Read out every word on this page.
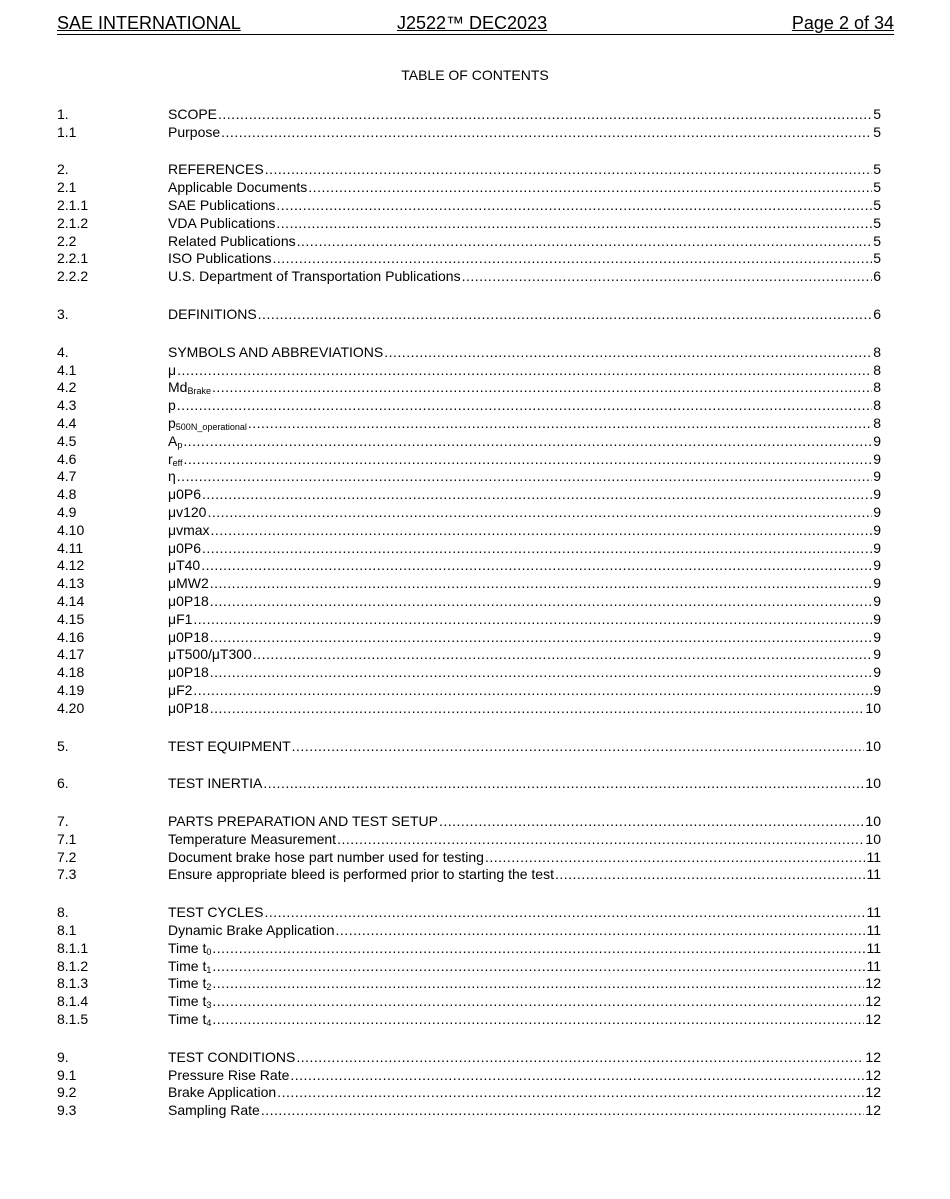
SAE INTERNATIONAL	J2522™ DEC2023	Page 2 of 34
TABLE OF CONTENTS
1.	SCOPE .....	5
1.1	Purpose .....	5
2.	REFERENCES .....	5
2.1	Applicable Documents .....	5
2.1.1	SAE Publications .....	5
2.1.2	VDA Publications .....	5
2.2	Related Publications .....	5
2.2.1	ISO Publications .....	5
2.2.2	U.S. Department of Transportation Publications .....	6
3.	DEFINITIONS .....	6
4.	SYMBOLS AND ABBREVIATIONS .....	8
4.1	μ .....	8
4.2	$Md_{Brake}$ .....	8
4.3	p .....	8
4.4	$p_{500N\_operational}$ .....	8
4.5	$A_p$ .....	9
4.6	$r_{eff}$ .....	9
4.7	η .....	9
4.8	μ0P6 .....	9
4.9	μv120 .....	9
4.10	μvmax .....	9
4.11	μ0P6 .....	9
4.12	μT40 .....	9
4.13	μMW2 .....	9
4.14	μ0P18 .....	9
4.15	μF1 .....	9
4.16	μ0P18 .....	9
4.17	μT500/μT300 .....	9
4.18	μ0P18 .....	9
4.19	μF2 .....	9
4.20	μ0P18 .....	10
5.	TEST EQUIPMENT .....	10
6.	TEST INERTIA .....	10
7.	PARTS PREPARATION AND TEST SETUP .....	10
7.1	Temperature Measurement .....	10
7.2	Document brake hose part number used for testing .....	11
7.3	Ensure appropriate bleed is performed prior to starting the test .....	11
8.	TEST CYCLES .....	11
8.1	Dynamic Brake Application .....	11
8.1.1	Time $t_0$ .....	11
8.1.2	Time $t_1$ .....	11
8.1.3	Time $t_2$ .....	12
8.1.4	Time $t_3$ .....	12
8.1.5	Time $t_4$ .....	12
9.	TEST CONDITIONS .....	12
9.1	Pressure Rise Rate .....	12
9.2	Brake Application .....	12
9.3	Sampling Rate .....	12
